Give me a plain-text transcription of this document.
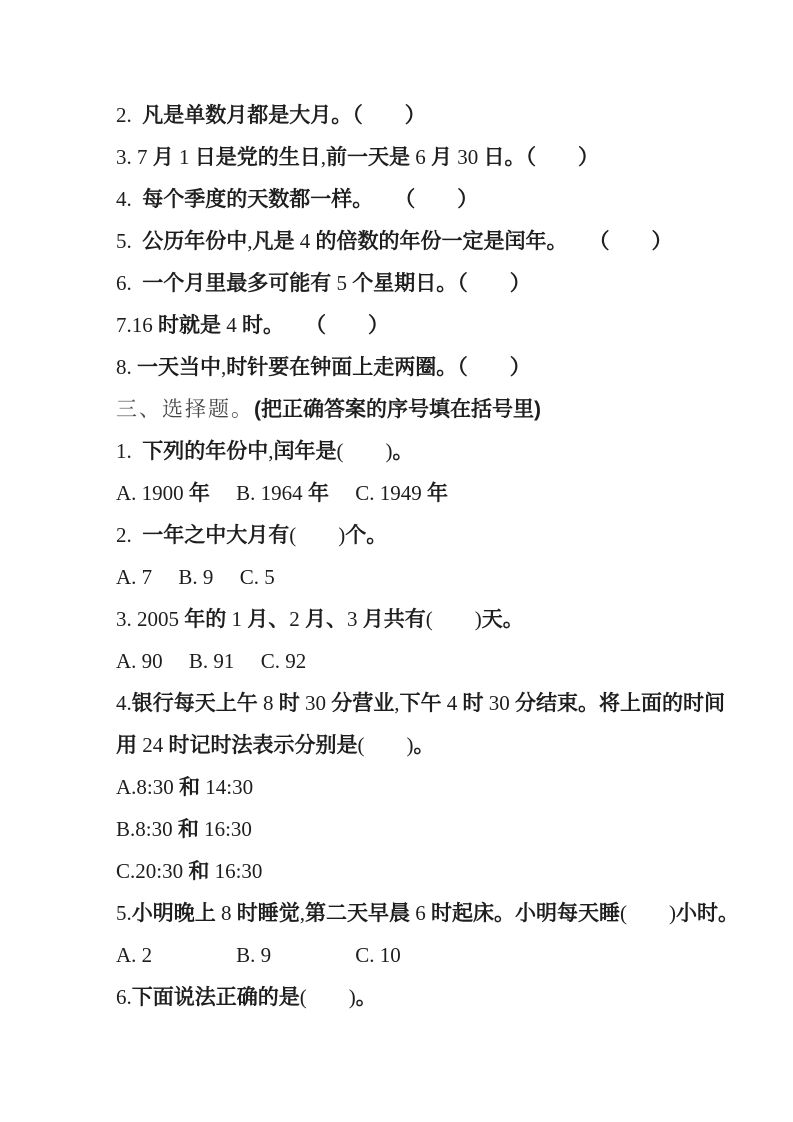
2.  凡是单数月都是大月。（　　）
3. 7 月 1 日是党的生日,前一天是 6 月 30 日。（　　）
4.  每个季度的天数都一样。　　（　　）
5.  公历年份中,凡是 4 的倍数的年份一定是闰年。　　（　　）
6.  一个月里最多可能有 5 个星期日。（　　）
7.16 时就是 4 时。　　（　　）
8. 一天当中,时针要在钟面上走两圈。（　　）
三、选择题。(把正确答案的序号填在括号里)
1.  下列的年份中,闰年是(　　 )。
A. 1900 年　 B. 1964 年　 C. 1949 年
2.  一年之中大月有(　　 )个。
A. 7　 B. 9　 C. 5
3. 2005 年的 1 月、2 月、3 月共有(　　 )天。
A. 90　 B. 91　 C. 92
4.银行每天上午 8 时 30 分营业,下午 4 时 30 分结束。将上面的时间
用 24 时记时法表示分别是(　　 )。
A.8:30 和 14:30
B.8:30 和 16:30
C.20:30 和 16:30
5.小明晚上 8 时睡觉,第二天早晨 6 时起床。小明每天睡(　　 )小时。
A. 2　　　　	B. 9　　　　	C. 10
6.下面说法正确的是(　　 )。
